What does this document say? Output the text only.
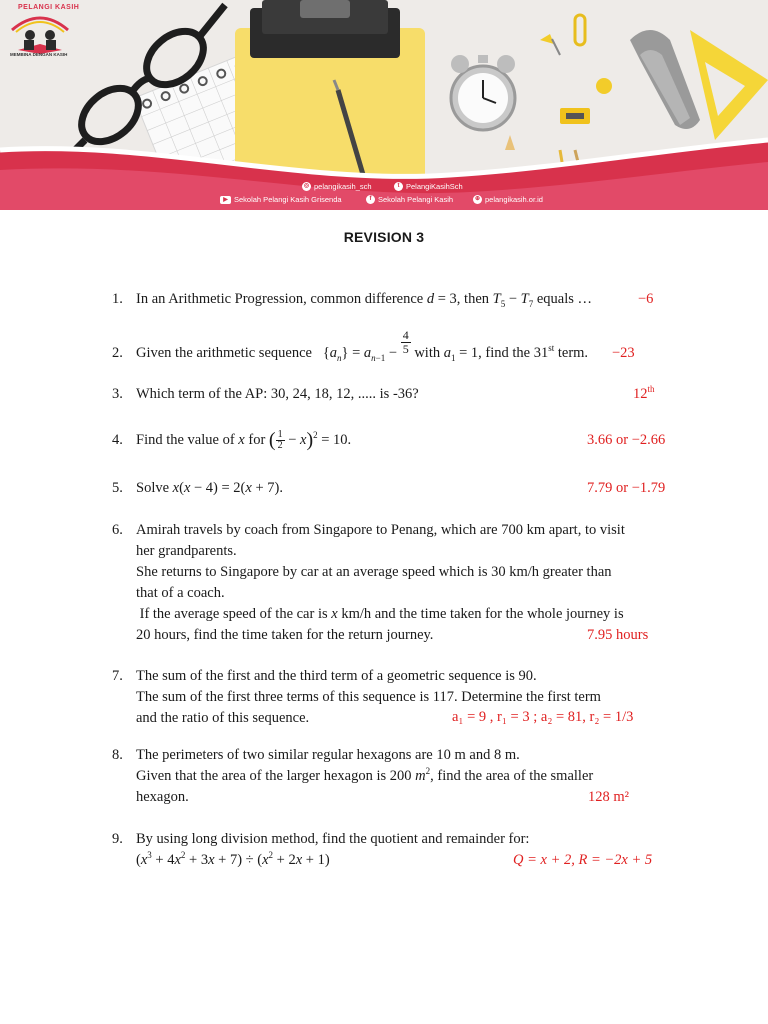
PELANGI KASIH
MEMBINA DENGAN KASIH
◎ pelangikasih_sch	t PelangiKasihSch
▶ Sekolah Pelangi Kasih Grisenda	f Sekolah Pelangi Kasih	⊕ pelangikasih.or.id
REVISION 3
1. In an Arithmetic Progression, common difference d = 3, then $T_5 - T_7$ equals …	−6
2. Given the arithmetic sequence   $\{a_n\} = a_{n-1} - \frac{4}{5}$ with $a_1 = 1$, find the 31st term.	−23
3. Which term of the AP: 30, 24, 18, 12, ..... is -36?	12th
4. Find the value of x for ( $\frac{1}{2} - x)^2 = 10$.	3.66 or −2.66
5. Solve x(x − 4) = 2(x + 7).	7.79 or −1.79
6. Amirah travels by coach from Singapore to Penang, which are 700 km apart, to visit
her grandparents.
She returns to Singapore by car at an average speed which is 30 km/h greater than
that of a coach.
If the average speed of the car is x km/h and the time taken for the whole journey is
20 hours, find the time taken for the return journey.	7.95 hours
7. The sum of the first and the third term of a geometric sequence is 90.
The sum of the first three terms of this sequence is 117. Determine the first term
and the ratio of this sequence.	a₁ = 9 , r₁ = 3 ; a₂ = 81, r₂ = 1/3
8. The perimeters of two similar regular hexagons are 10 m and 8 m.
Given that the area of the larger hexagon is 200 $m^2$, find the area of the smaller
hexagon.	128 m²
9. By using long division method, find the quotient and remainder for:
$(x^3 + 4x^2 + 3x + 7) \div (x^2 + 2x + 1)$	Q = x + 2, R = −2x + 5
